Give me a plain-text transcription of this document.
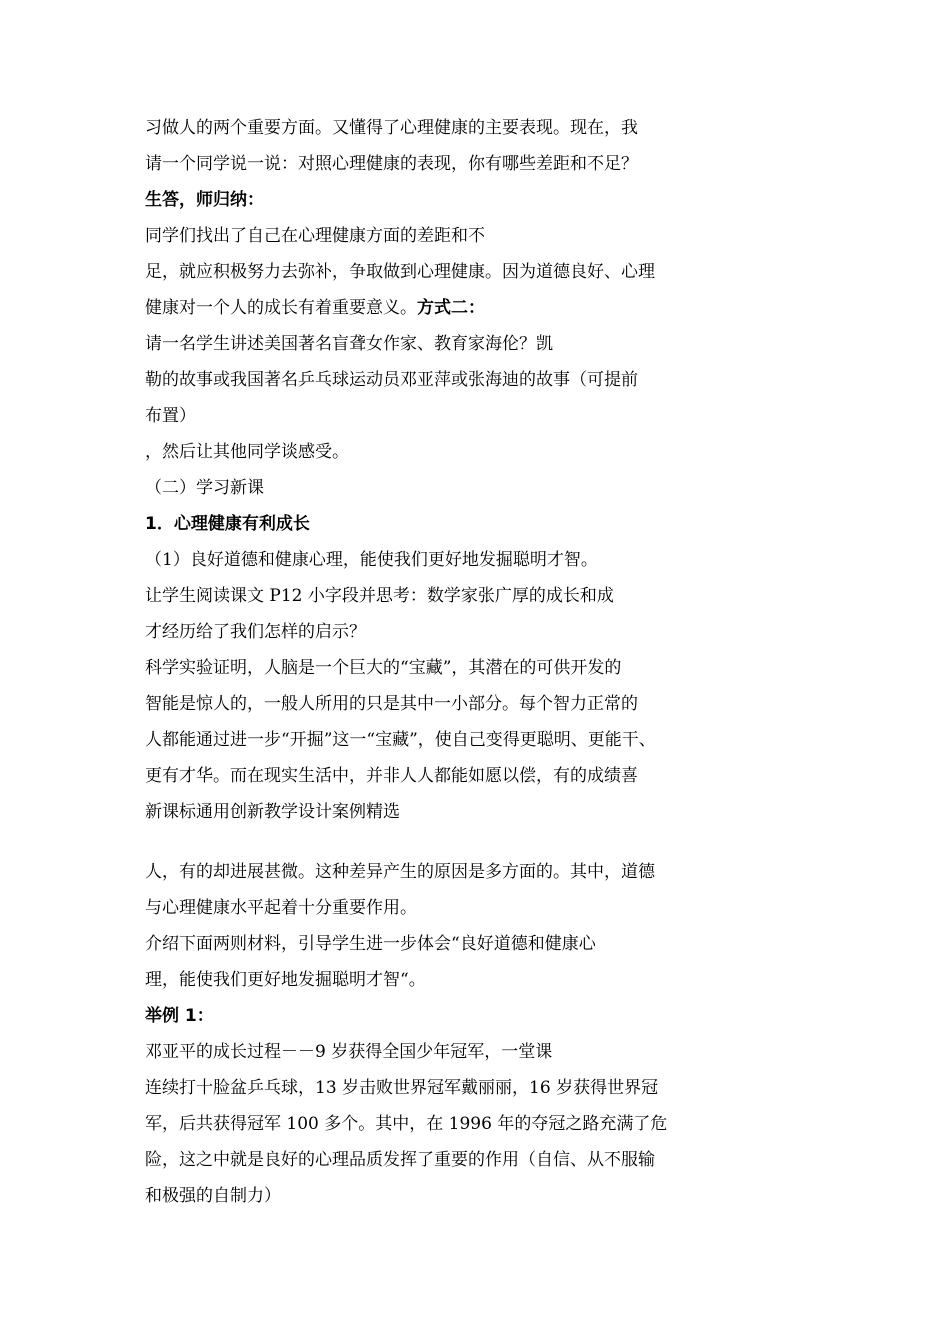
习做人的两个重要方面。又懂得了心理健康的主要表现。现在，我
请一个同学说一说：对照心理健康的表现，你有哪些差距和不足？
生答，师归纳：
同学们找出了自己在心理健康方面的差距和不
足，就应积极努力去弥补，争取做到心理健康。因为道德良好、心理
健康对一个人的成长有着重要意义。方式二：
请一名学生讲述美国著名盲聋女作家、教育家海伦？凯
勒的故事或我国著名乒乓球运动员邓亚萍或张海迪的故事（可提前
布置）
，然后让其他同学谈感受。
（二）学习新课
1．心理健康有利成长
（1）良好道德和健康心理，能使我们更好地发掘聪明才智。
让学生阅读课文 P12 小字段并思考：数学家张广厚的成长和成
才经历给了我们怎样的启示？
科学实验证明，人脑是一个巨大的“宝藏”，其潜在的可供开发的
智能是惊人的，一般人所用的只是其中一小部分。每个智力正常的
人都能通过进一步“开掘”这一“宝藏”，使自己变得更聪明、更能干、
更有才华。而在现实生活中，并非人人都能如愿以偿，有的成绩喜
新课标通用创新教学设计案例精选
人，有的却进展甚微。这种差异产生的原因是多方面的。其中，道德
与心理健康水平起着十分重要作用。
介绍下面两则材料，引导学生进一步体会“良好道德和健康心
理，能使我们更好地发掘聪明才智“。
举例 1：
邓亚平的成长过程－－9 岁获得全国少年冠军，一堂课
连续打十脸盆乒乓球，13 岁击败世界冠军戴丽丽，16 岁获得世界冠
军，后共获得冠军 100 多个。其中，在 1996 年的夺冠之路充满了危
险，这之中就是良好的心理品质发挥了重要的作用（自信、从不服输
和极强的自制力）
